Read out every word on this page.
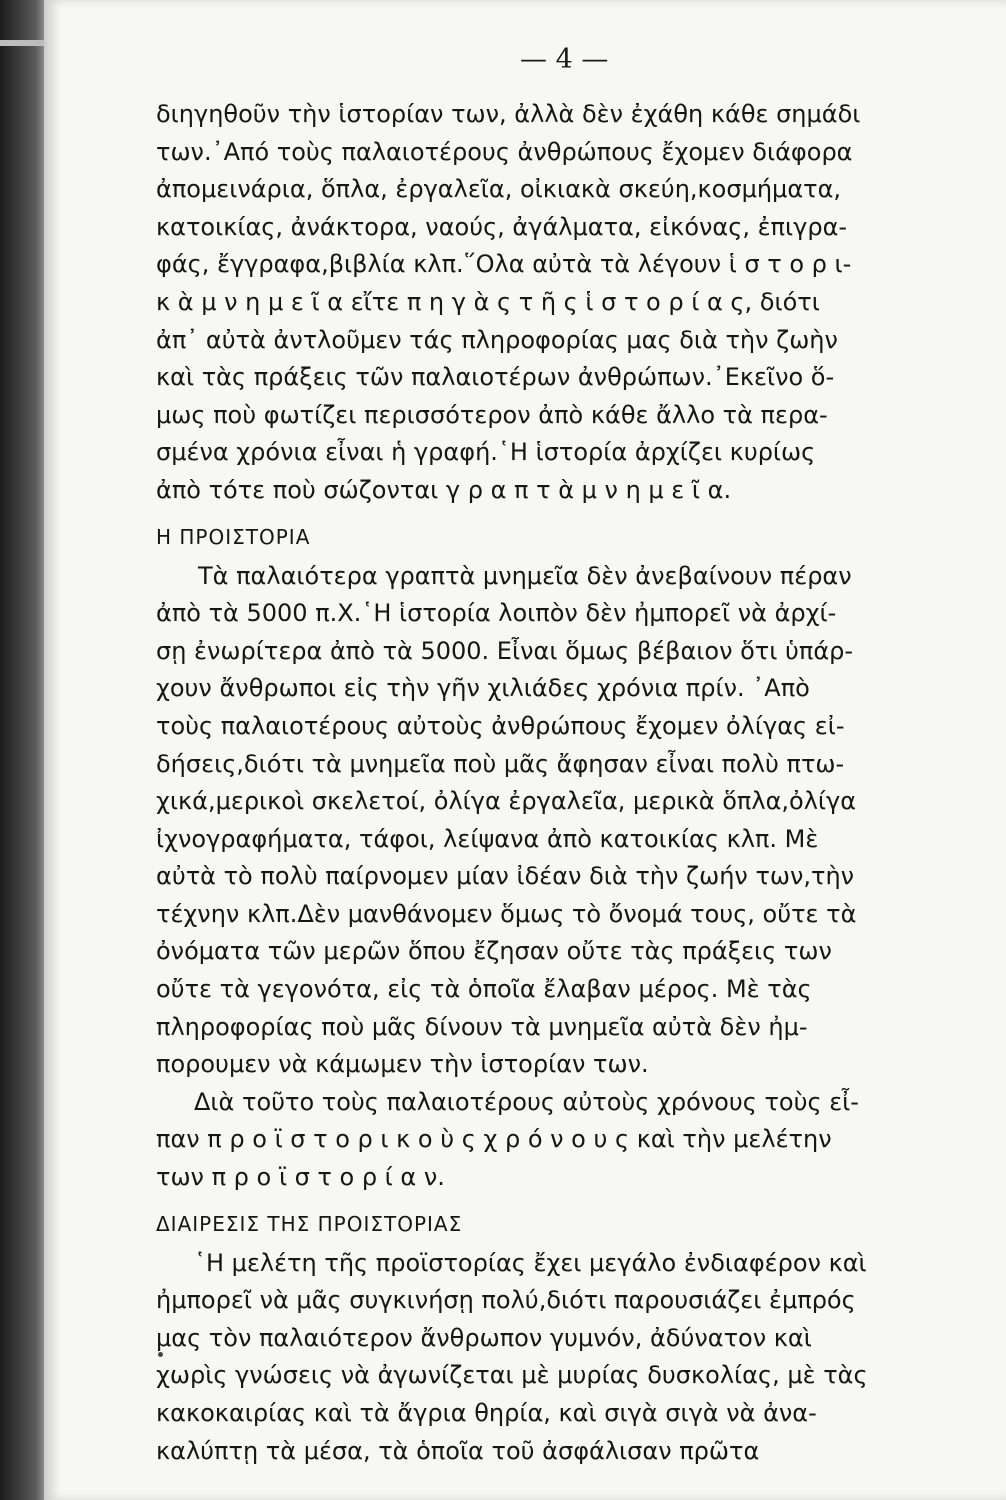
— 4 —
διηγηθοῦν τὴν ἱστορίαν των, ἀλλὰ δὲν ἐχάθη κάθε σημάδι
των.᾿Από τοὺς παλαιοτέρους ἀνθρώπους ἔχομεν διάφορα
ἀπομεινάρια, ὅπλα, ἐργαλεῖα, οἰκιακὰ σκεύη,κοσμήματα,
κατοικίας, ἀνάκτορα, ναούς, ἀγάλματα, εἰκόνας, ἐπιγρα-
φάς, ἔγγραφα,βιβλία κλπ.῞Ολα αὐτὰ τὰ λέγουν ἱ σ τ ο ρ ι-
κ ὰ μ ν η μ ε ῖ α εἴτε π η γ ὰ ς τ ῆ ς ἱ σ τ ο ρ ί α ς, διότι
ἀπ᾿ αὐτὰ ἀντλοῦμεν τάς πληροφορίας μας διὰ τὴν ζωὴν
καὶ τὰς πράξεις τῶν παλαιοτέρων ἀνθρώπων.᾿Εκεῖνο ὅ-
μως ποὺ φωτίζει περισσότερον ἀπὸ κάθε ἄλλο τὰ περα-
σμένα χρόνια εἶναι ἡ γραφή.῾Η ἱστορία ἀρχίζει κυρίως
ἀπὸ τότε ποὺ σώζονται γ ρ α π τ ὰ μ ν η μ ε ῖ α.
Η ΠΡΟΙΣΤΟΡΙΑ
Τὰ παλαιότερα γραπτὰ μνημεῖα δὲν ἀνεβαίνουν πέραν
ἀπὸ τὰ 5000 π.Χ.῾Η ἱστορία λοιπὸν δὲν ἠμπορεῖ νὰ ἀρχί-
σῃ ἐνωρίτερα ἀπὸ τὰ 5000. Εἶναι ὅμως βέβαιον ὅτι ὑπάρ-
χουν ἄνθρωποι εἰς τὴν γῆν χιλιάδες χρόνια πρίν. ᾿Απὸ
τοὺς παλαιοτέρους αὐτοὺς ἀνθρώπους ἔχομεν ὀλίγας εἰ-
δήσεις,διότι τὰ μνημεῖα ποὺ μᾶς ἄφησαν εἶναι πολὺ πτω-
χικά,μερικοὶ σκελετοί, ὀλίγα ἐργαλεῖα, μερικὰ ὅπλα,ὀλίγα
ἰχνογραφήματα, τάφοι, λείψανα ἀπὸ κατοικίας κλπ. Μὲ
αὐτὰ τὸ πολὺ παίρνομεν μίαν ἰδέαν διὰ τὴν ζωήν των,τὴν
τέχνην κλπ.Δὲν μανθάνομεν ὅμως τὸ ὄνομά τους, οὔτε τὰ
ὀνόματα τῶν μερῶν ὅπου ἔζησαν οὔτε τὰς πράξεις των
οὔτε τὰ γεγονότα, εἰς τὰ ὁποῖα ἔλαβαν μέρος. Μὲ τὰς
πληροφορίας ποὺ μᾶς δίνουν τὰ μνημεῖα αὐτὰ δὲν ἠμ-
πορουμεν νὰ κάμωμεν τὴν ἱστορίαν των.
Διὰ τοῦτο τοὺς παλαιοτέρους αὐτοὺς χρόνους τοὺς εἶ-
παν π ρ ο ϊ σ τ ο ρ ι κ ο ὺ ς χ ρ ό ν ο υ ς καὶ τὴν μελέτην
των π ρ ο ϊ σ τ ο ρ ί α ν.
ΔΙΑΙΡΕΣΙΣ ΤΗΣ ΠΡΟΙΣΤΟΡΙΑΣ
῾Η μελέτη τῆς προϊστορίας ἔχει μεγάλο ἐνδιαφέρον καὶ
ἠμπορεῖ νὰ μᾶς συγκινήσῃ πολύ,διότι παρουσιάζει ἐμπρός
μας τὸν παλαιότερον ἄνθρωπον γυμνόν, ἀδύνατον καὶ
χωρὶς γνώσεις νὰ ἀγωνίζεται μὲ μυρίας δυσκολίας, μὲ τὰς
κακοκαιρίας καὶ τὰ ἄγρια θηρία, καὶ σιγὰ σιγὰ νὰ ἀνα-
καλύπτῃ τὰ μέσα, τὰ ὁποῖα τοῦ ἀσφάλισαν πρῶτα
